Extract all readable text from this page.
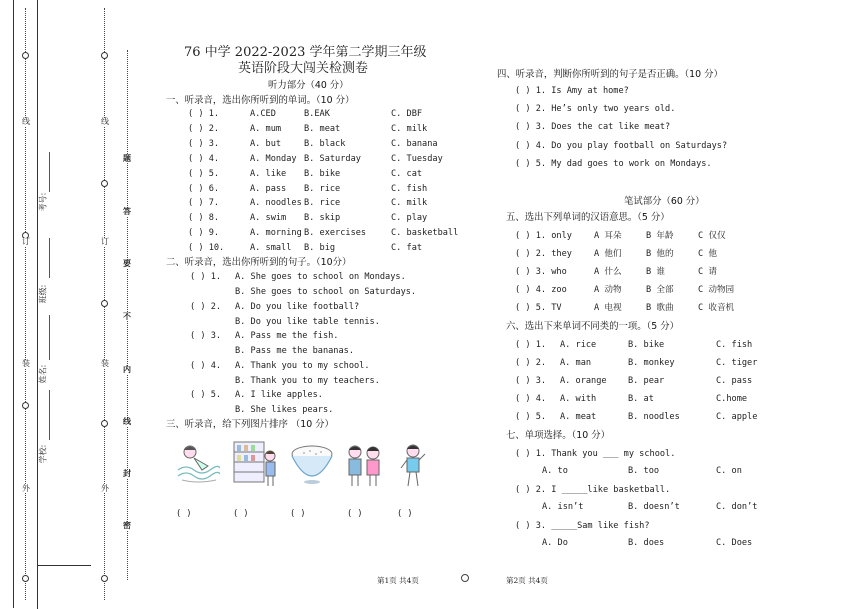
线
订
装
外
考号:
班级:
姓名:
学校:
线
订
装
外
题
答
要
不
内
线
封
密
76 中学 2022-2023 学年第二学期三年级
英语阶段大闯关检测卷
听力部分（40 分）
一、听录音，选出你所听到的单词。（10 分）
( ) 1.	A.CED	B.EAK	C. DBF
( ) 2.	A. mum	B. meat	C. milk
( ) 3.	A. but	B. black	C. banana
( ) 4.	A. Monday B. Saturday	C. Tuesday
( ) 5.	A. like B. bike	C. cat
( ) 6.	A. pass B. rice	C. fish
( ) 7.	A. noodles B. rice	C. milk
( ) 8.	A. swim B. skip	C. play
( ) 9.	A. morning B. exercises	C. basketball
( ) 10.	A. small B. big	C. fat
二、听录音，选出你所听到的句子。（10分）
( ) 1. A. She goes to school on Mondays.
B. She goes to school on Saturdays.
( ) 2. A. Do you like football?
B. Do you like table tennis.
( ) 3. A. Pass me the fish.
B. Pass me the bananas.
( ) 4. A. Thank you to my school.
B. Thank you to my teachers.
( ) 5. A. I like apples.
B. She likes pears.
三、听录音，给下列图片排序 （10 分）
( )	( )	( )	( )	( )
四、听录音，判断你所听到的句子是否正确。（10 分）
( ) 1. Is Amy at home?
( ) 2. He’s only two years old.
( ) 3. Does the cat like meat?
( ) 4. Do you play football on Saturdays?
( ) 5. My dad goes to work on Mondays.
笔试部分（60 分）
五、选出下列单词的汉语意思。（5 分）
( ) 1. only	A 耳朵	B 年龄	C 仅仅
( ) 2. they	A 他们	B 他的	C 他
( ) 3. who	A 什么	B 谁	C 请
( ) 4. zoo	A 动物	B 全部	C 动物园
( ) 5. TV	A 电视	B 歌曲	C 收音机
六、选出下来单词不同类的一项。（5 分）
( ) 1. A. rice	B. bike	C. fish
( ) 2. A. man	B. monkey	C. tiger
( ) 3. A. orange B. pear	C. pass
( ) 4. A. with	B. at	C.home
( ) 5. A. meat	B. noodles	C. apple
七、单项选择。（10 分）
( ) 1. Thank you ___ my school.
A. to	B. too	C. on
( ) 2. I _____like basketball.
A. isn’t	B. doesn’t	C. don’t
( ) 3. _____Sam like fish?
A. Do	B. does	C. Does
第1页 共4页	第2页 共4页
